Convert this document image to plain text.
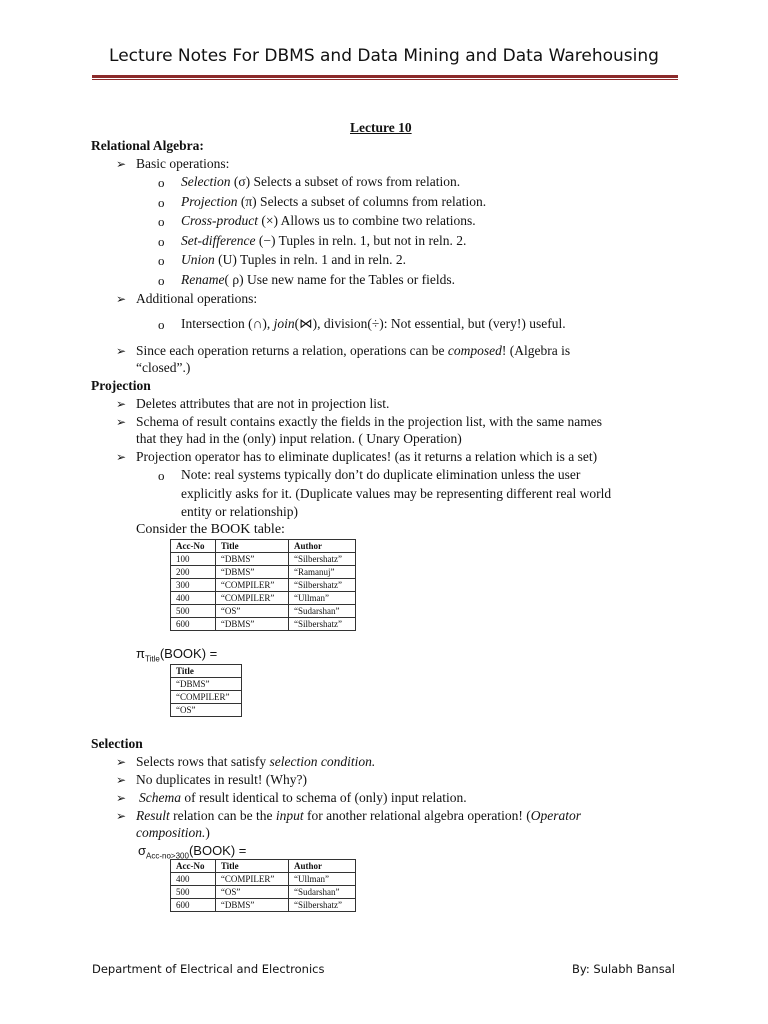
Lecture Notes For DBMS and Data Mining and Data Warehousing
Lecture 10
Relational Algebra:
➢ Basic operations:
o Selection (σ) Selects a subset of rows from relation.
o Projection (π) Selects a subset of columns from relation.
o Cross-product (×) Allows us to combine two relations.
o Set-difference (−) Tuples in reln. 1, but not in reln. 2.
o Union (U) Tuples in reln. 1 and in reln. 2.
o Rename( ρ) Use new name for the Tables or fields.
➢ Additional operations:
o Intersection (∩), join(⋈), division(÷): Not essential, but (very!) useful.
➢ Since each operation returns a relation, operations can be composed! (Algebra is
“closed”.)
Projection
➢ Deletes attributes that are not in projection list.
➢ Schema of result contains exactly the fields in the projection list, with the same names
that they had in the (only) input relation. ( Unary Operation)
➢ Projection operator has to eliminate duplicates! (as it returns a relation which is a set)
o Note: real systems typically don’t do duplicate elimination unless the user
explicitly asks for it. (Duplicate values may be representing different real world
entity or relationship)
Consider the BOOK table:
Acc-No	Title	Author
100	“DBMS”	“Silbershatz”
200	“DBMS”	“Ramanuj”
300	“COMPILER”	“Silbershatz”
400	“COMPILER”	“Ullman”
500	“OS”	“Sudarshan”
600	“DBMS”	“Silbershatz”
$\pi_{Title}(BOOK)$ =
Title
“DBMS”
“COMPILER”
“OS”
Selection
➢ Selects rows that satisfy selection condition.
➢ No duplicates in result! (Why?)
➢ Schema of result identical to schema of (only) input relation.
➢ Result relation can be the input for another relational algebra operation! (Operator
composition.)
$\sigma_{Acc-no>300}(BOOK)$ =
Acc-No	Title	Author
400	“COMPILER”	“Ullman”
500	“OS”	“Sudarshan”
600	“DBMS”	“Silbershatz”
Department of Electrical and Electronics	By: Sulabh Bansal
